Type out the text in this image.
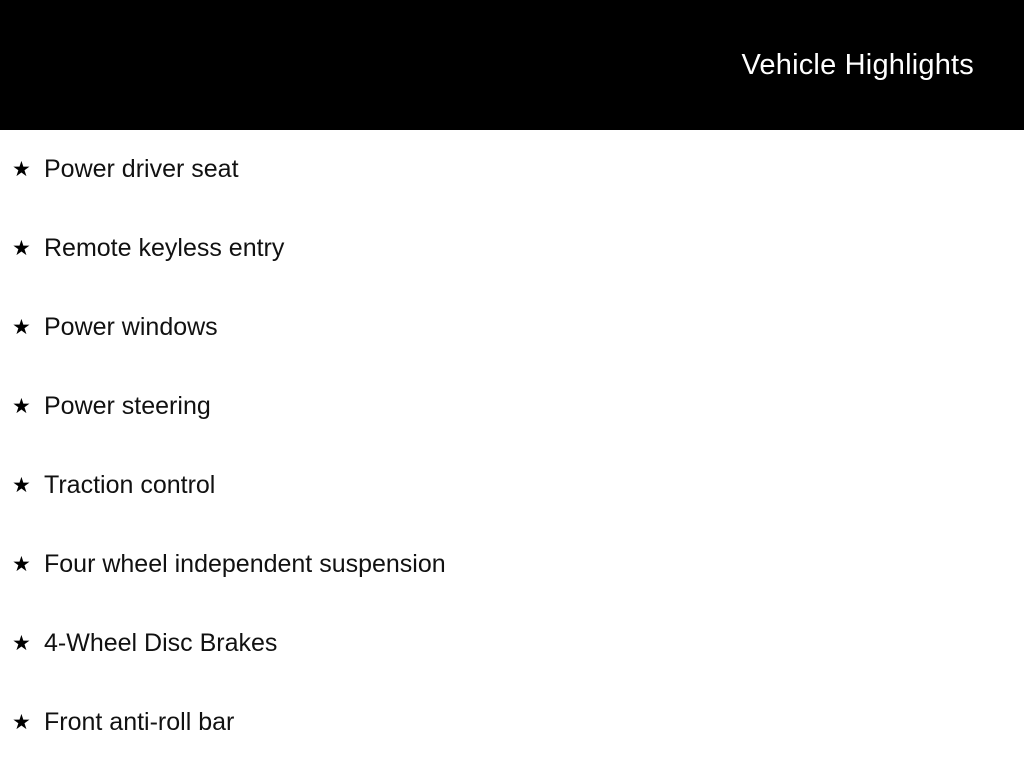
Vehicle Highlights
★ Power driver seat
★ Remote keyless entry
★ Power windows
★ Power steering
★ Traction control
★ Four wheel independent suspension
★ 4-Wheel Disc Brakes
★ Front anti-roll bar
